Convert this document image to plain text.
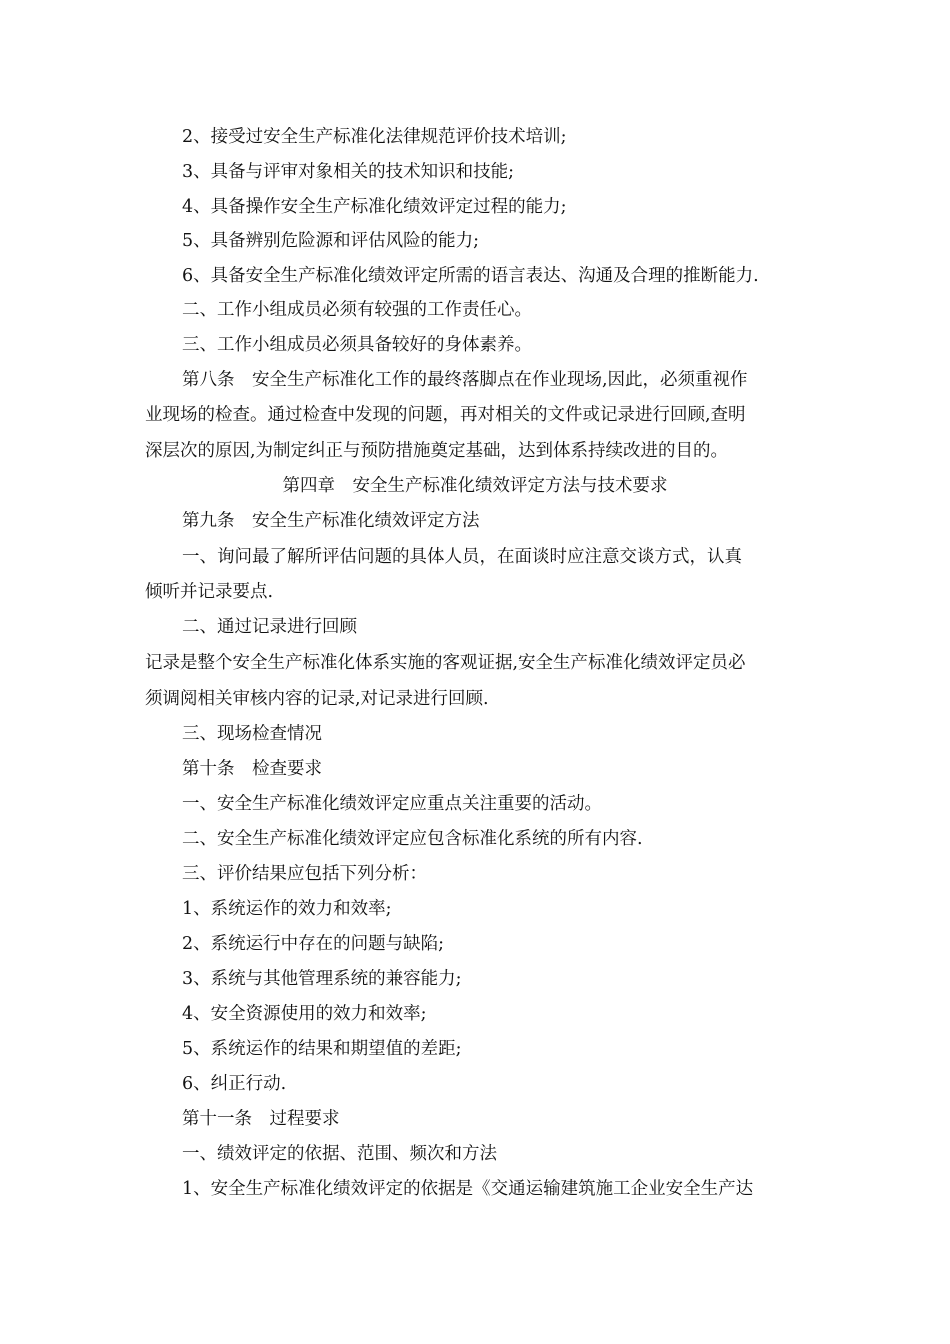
2、接受过安全生产标准化法律规范评价技术培训;
3、具备与评审对象相关的技术知识和技能;
4、具备操作安全生产标准化绩效评定过程的能力;
5、具备辨别危险源和评估风险的能力;
6、具备安全生产标准化绩效评定所需的语言表达、沟通及合理的推断能力.
二、工作小组成员必须有较强的工作责任心。
三、工作小组成员必须具备较好的身体素养。
第八条　安全生产标准化工作的最终落脚点在作业现场,因此，必须重视作
业现场的检查。通过检查中发现的问题，再对相关的文件或记录进行回顾,查明
深层次的原因,为制定纠正与预防措施奠定基础，达到体系持续改进的目的。
第四章　安全生产标准化绩效评定方法与技术要求
第九条　安全生产标准化绩效评定方法
一、询问最了解所评估问题的具体人员，在面谈时应注意交谈方式，认真
倾听并记录要点.
二、通过记录进行回顾
记录是整个安全生产标准化体系实施的客观证据,安全生产标准化绩效评定员必
须调阅相关审核内容的记录,对记录进行回顾.
三、现场检查情况
第十条　检查要求
一、安全生产标准化绩效评定应重点关注重要的活动。
二、安全生产标准化绩效评定应包含标准化系统的所有内容.
三、评价结果应包括下列分析：
1、系统运作的效力和效率;
2、系统运行中存在的问题与缺陷;
3、系统与其他管理系统的兼容能力;
4、安全资源使用的效力和效率;
5、系统运作的结果和期望值的差距;
6、纠正行动.
第十一条　过程要求
一、绩效评定的依据、范围、频次和方法
1、安全生产标准化绩效评定的依据是《交通运输建筑施工企业安全生产达
